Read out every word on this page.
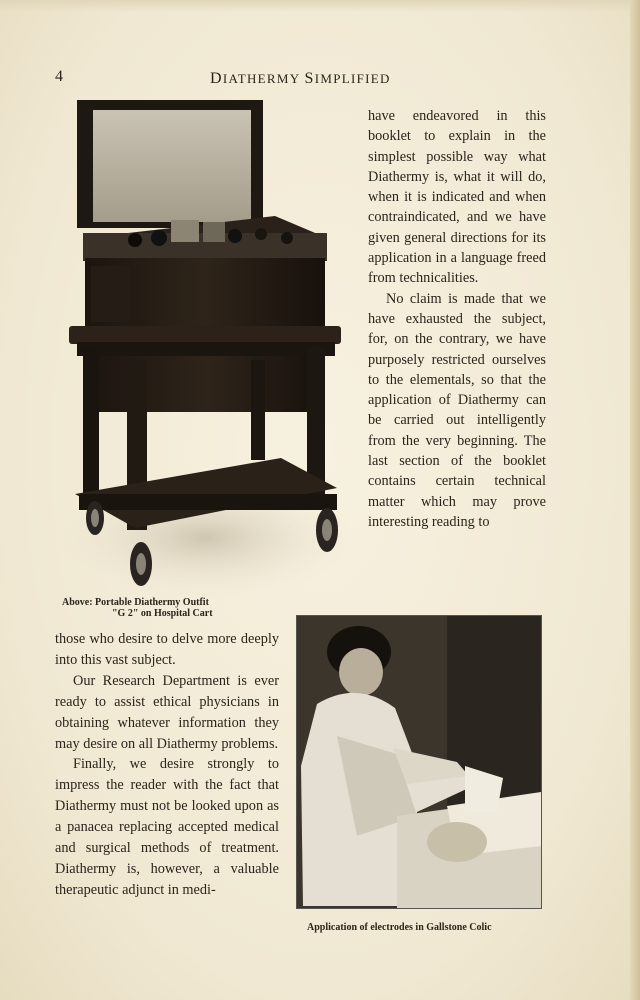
4	DIATHERMY SIMPLIFIED
Above: Portable Diathermy Outfit
"G 2" on Hospital Cart

have endeavored in this booklet to explain in the simplest possible way what Diathermy is, what it will do, when it is indicated and when contraindicated, and we have given general directions for its application in a language freed from technicalities.

No claim is made that we have exhausted the subject, for, on the contrary, we have purposely restricted ourselves to the elementals, so that the application of Diathermy can be carried out intelligently from the very beginning. The last section of the booklet contains certain technical matter which may prove interesting reading to

Application of electrodes in Gallstone Colic

those who desire to delve more deeply into this vast subject.

Our Research Department is ever ready to assist ethical physicians in obtaining whatever information they may desire on all Diathermy problems.

Finally, we desire strongly to impress the reader with the fact that Diathermy must not be looked upon as a panacea replacing accepted medical and surgical methods of treatment. Diathermy is, however, a valuable therapeutic adjunct in medi-
